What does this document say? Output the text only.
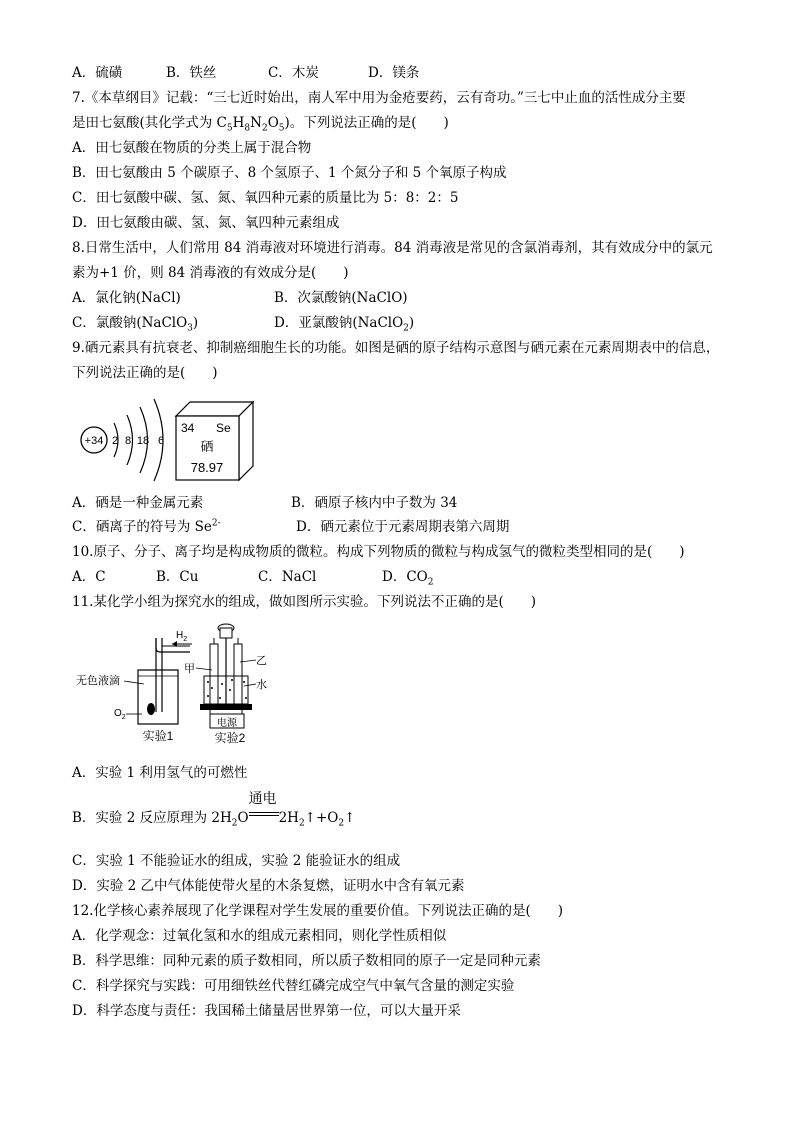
A．硫磺	B．铁丝	C．木炭	D．镁条
7.《本草纲目》记载：“三七近时始出，南人军中用为金疮要药，云有奇功。”三七中止血的活性成分主要
是田七氨酸(其化学式为 $C_5H_8N_2O_5$)。下列说法正确的是(　　)
A．田七氨酸在物质的分类上属于混合物
B．田七氨酸由 5 个碳原子、8 个氢原子、1 个氮分子和 5 个氧原子构成
C．田七氨酸中碳、氢、氮、氧四种元素的质量比为 5：8：2：5
D．田七氨酸由碳、氢、氮、氧四种元素组成
8.日常生活中，人们常用 84 消毒液对环境进行消毒。84 消毒液是常见的含氯消毒剂，其有效成分中的氯元
素为+1 价，则 84 消毒液的有效成分是(　　)
A．氯化钠(NaCl)	B．次氯酸钠(NaClO)
C．氯酸钠(NaClO$_3$)	D．亚氯酸钠(NaClO$_2$)
9.硒元素具有抗衰老、抑制癌细胞生长的功能。如图是硒的原子结构示意图与硒元素在元素周期表中的信息，
下列说法正确的是(　　)
+34 2 8 18 6
34 Se
硒
78.97
A．硒是一种金属元素	B．硒原子核内中子数为 34
C．硒离子的符号为 $Se^{2-}$	D．硒元素位于元素周期表第六周期
10.原子、分子、离子均是构成物质的微粒。构成下列物质的微粒与构成氢气的微粒类型相同的是(　　)
A．C	B．Cu	C．NaCl	D．$CO_2$
11.某化学小组为探究水的组成，做如图所示实验。下列说法不正确的是(　　)
$H_2$
无色液滴
$O_2$
实验1
甲
乙
水
电源
实验2
A．实验 1 利用氢气的可燃性
B．实验 2 反应原理为 $2H_2O$
通电
$2H_2↑+O_2↑$
C．实验 1 不能验证水的组成，实验 2 能验证水的组成
D．实验 2 乙中气体能使带火星的木条复燃，证明水中含有氧元素
12.化学核心素养展现了化学课程对学生发展的重要价值。下列说法正确的是(　　)
A．化学观念：过氧化氢和水的组成元素相同，则化学性质相似
B．科学思维：同种元素的质子数相同，所以质子数相同的原子一定是同种元素
C．科学探究与实践：可用细铁丝代替红磷完成空气中氧气含量的测定实验
D．科学态度与责任：我国稀土储量居世界第一位，可以大量开采
